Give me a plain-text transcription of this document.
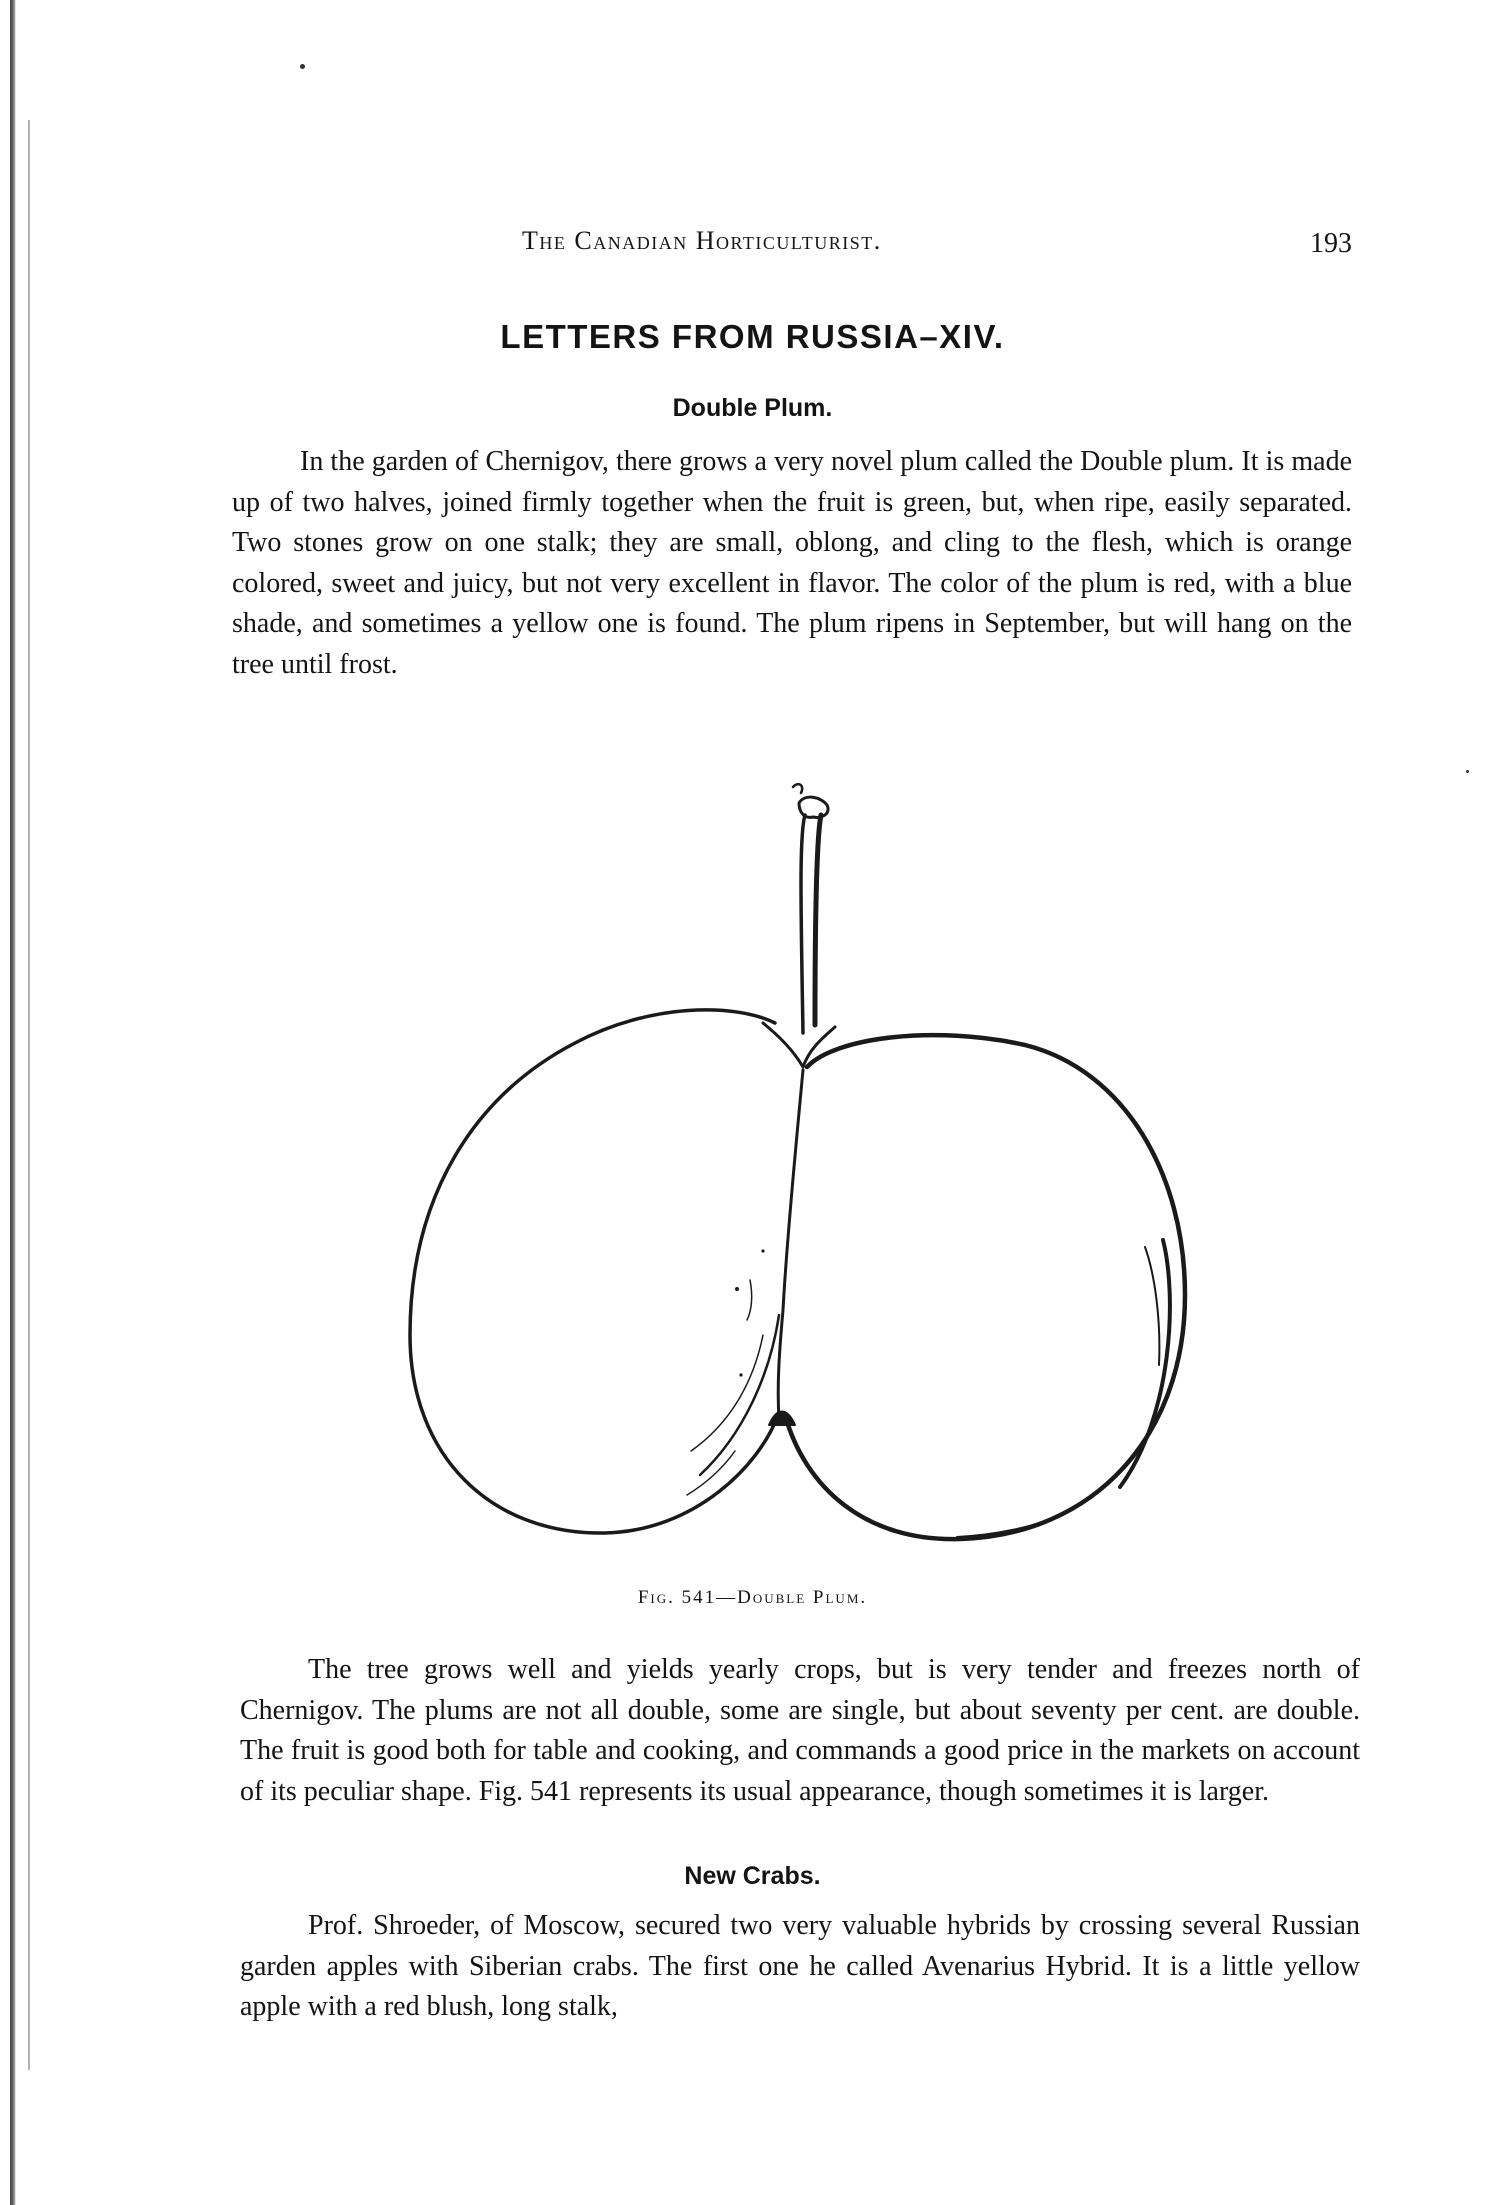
The Canadian Horticulturist.	193
LETTERS FROM RUSSIA–XIV.
Double Plum.

In the garden of Chernigov, there grows a very novel plum called the Double plum. It is made up of two halves, joined firmly together when the fruit is green, but, when ripe, easily separated. Two stones grow on one stalk; they are small, oblong, and cling to the flesh, which is orange colored, sweet and juicy, but not very excellent in flavor. The color of the plum is red, with a blue shade, and sometimes a yellow one is found. The plum ripens in September, but will hang on the tree until frost.

Fig. 541—Double Plum.

The tree grows well and yields yearly crops, but is very tender and freezes north of Chernigov. The plums are not all double, some are single, but about seventy per cent. are double. The fruit is good both for table and cooking, and commands a good price in the markets on account of its peculiar shape. Fig. 541 represents its usual appearance, though sometimes it is larger.

New Crabs.

Prof. Shroeder, of Moscow, secured two very valuable hybrids by crossing several Russian garden apples with Siberian crabs. The first one he called Avenarius Hybrid. It is a little yellow apple with a red blush, long stalk,
